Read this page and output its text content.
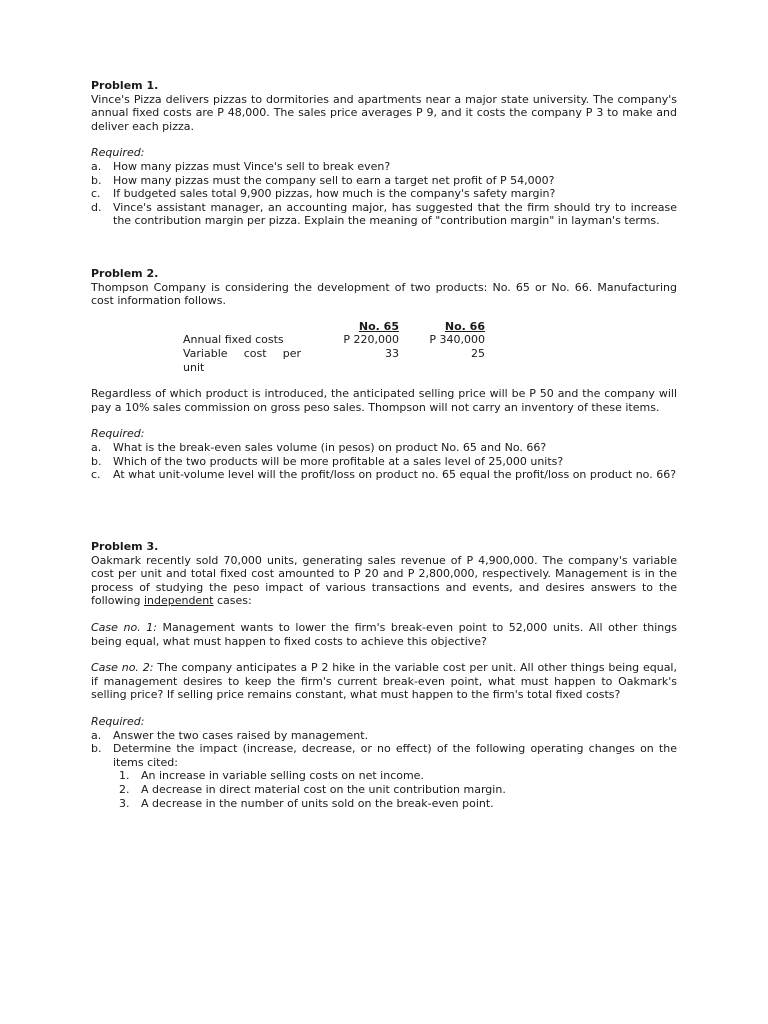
Problem 1.

Vince's Pizza delivers pizzas to dormitories and apartments near a major state university. The company's annual fixed costs are P 48,000. The sales price averages P 9, and it costs the company P 3 to make and deliver each pizza.

Required:

a. How many pizzas must Vince's sell to break even?
b. How many pizzas must the company sell to earn a target net profit of P 54,000?
c. If budgeted sales total 9,900 pizzas, how much is the company's safety margin?
d. Vince's assistant manager, an accounting major, has suggested that the firm should try to increase the contribution margin per pizza. Explain the meaning of "contribution margin" in layman's terms.

Problem 2.

Thompson Company is considering the development of two products: No. 65 or No. 66. Manufacturing cost information follows.

	No. 65	No. 66
Annual fixed costs	P 220,000	P 340,000

Variable cost per
unit	33	25

Regardless of which product is introduced, the anticipated selling price will be P 50 and the company will pay a 10% sales commission on gross peso sales. Thompson will not carry an inventory of these items.

Required:

a. What is the break-even sales volume (in pesos) on product No. 65 and No. 66?
b. Which of the two products will be more profitable at a sales level of 25,000 units?
c. At what unit-volume level will the profit/loss on product no. 65 equal the profit/loss on product no. 66?

Problem 3.

Oakmark recently sold 70,000 units, generating sales revenue of P 4,900,000. The company's variable cost per unit and total fixed cost amounted to P 20 and P 2,800,000, respectively. Management is in the process of studying the peso impact of various transactions and events, and desires answers to the following independent cases:

Case no. 1: Management wants to lower the firm's break-even point to 52,000 units. All other things being equal, what must happen to fixed costs to achieve this objective?

Case no. 2: The company anticipates a P 2 hike in the variable cost per unit. All other things being equal, if management desires to keep the firm's current break-even point, what must happen to Oakmark's selling price? If selling price remains constant, what must happen to the firm's total fixed costs?

Required:

a. Answer the two cases raised by management.
b. Determine the impact (increase, decrease, or no effect) of the following operating changes on the items cited:
1. An increase in variable selling costs on net income.
2. A decrease in direct material cost on the unit contribution margin.
3. A decrease in the number of units sold on the break-even point.
